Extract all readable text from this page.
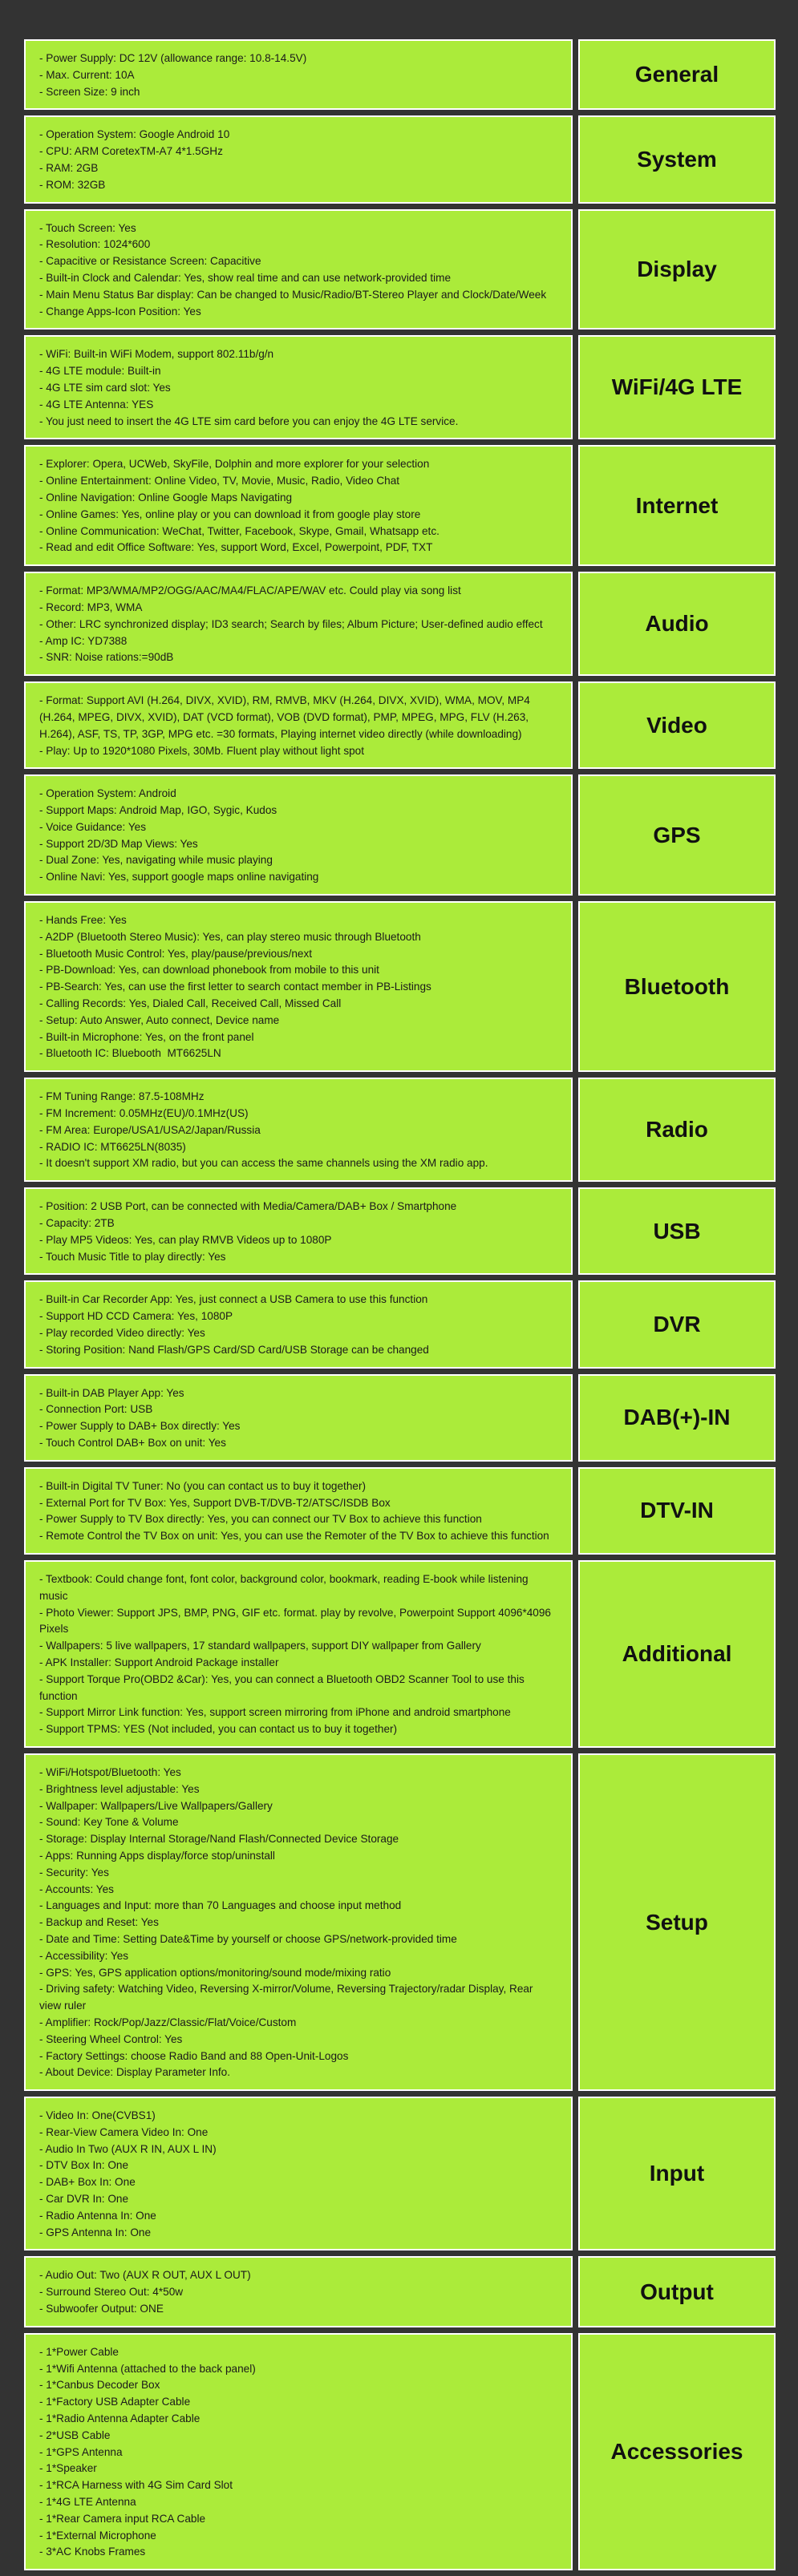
- Power Supply: DC 12V (allowance range: 10.8-14.5V)
- Max. Current: 10A
- Screen Size: 9 inch
General
- Operation System: Google Android 10
- CPU: ARM CoretexTM-A7 4*1.5GHz
- RAM: 2GB
- ROM: 32GB
System
- Touch Screen: Yes
- Resolution: 1024*600
- Capacitive or Resistance Screen: Capacitive
- Built-in Clock and Calendar: Yes, show real time and can use network-provided time
- Main Menu Status Bar display: Can be changed to Music/Radio/BT-Stereo Player and Clock/Date/Week
- Change Apps-Icon Position: Yes
Display
- WiFi: Built-in WiFi Modem, support 802.11b/g/n
- 4G LTE module: Built-in
- 4G LTE sim card slot: Yes
- 4G LTE Antenna: YES
- You just need to insert the 4G LTE sim card before you can enjoy the 4G LTE service.
WiFi/4G LTE
- Explorer: Opera, UCWeb, SkyFile, Dolphin and more explorer for your selection
- Online Entertainment: Online Video, TV, Movie, Music, Radio, Video Chat
- Online Navigation: Online Google Maps Navigating
- Online Games: Yes, online play or you can download it from google play store
- Online Communication: WeChat, Twitter, Facebook, Skype, Gmail, Whatsapp etc.
- Read and edit Office Software: Yes, support Word, Excel, Powerpoint, PDF, TXT
Internet
- Format: MP3/WMA/MP2/OGG/AAC/MA4/FLAC/APE/WAV etc. Could play via song list
- Record: MP3, WMA
- Other: LRC synchronized display; ID3 search; Search by files; Album Picture; User-defined audio effect
- Amp IC: YD7388
- SNR: Noise rations:=90dB
Audio
- Format: Support AVI (H.264, DIVX, XVID), RM, RMVB, MKV (H.264, DIVX, XVID), WMA, MOV, MP4 (H.264, MPEG, DIVX, XVID), DAT (VCD format), VOB (DVD format), PMP, MPEG, MPG, FLV (H.263, H.264), ASF, TS, TP, 3GP, MPG etc. =30 formats, Playing internet video directly (while downloading)
- Play: Up to 1920*1080 Pixels, 30Mb. Fluent play without light spot
Video
- Operation System: Android
- Support Maps: Android Map, IGO, Sygic, Kudos
- Voice Guidance: Yes
- Support 2D/3D Map Views: Yes
- Dual Zone: Yes, navigating while music playing
- Online Navi: Yes, support google maps online navigating
GPS
- Hands Free: Yes
- A2DP (Bluetooth Stereo Music): Yes, can play stereo music through Bluetooth
- Bluetooth Music Control: Yes, play/pause/previous/next
- PB-Download: Yes, can download phonebook from mobile to this unit
- PB-Search: Yes, can use the first letter to search contact member in PB-Listings
- Calling Records: Yes, Dialed Call, Received Call, Missed Call
- Setup: Auto Answer, Auto connect, Device name
- Built-in Microphone: Yes, on the front panel
- Bluetooth IC: Bluebooth  MT6625LN
Bluetooth
- FM Tuning Range: 87.5-108MHz
- FM Increment: 0.05MHz(EU)/0.1MHz(US)
- FM Area: Europe/USA1/USA2/Japan/Russia
- RADIO IC: MT6625LN(8035)
- It doesn't support XM radio, but you can access the same channels using the XM radio app.
Radio
- Position: 2 USB Port, can be connected with Media/Camera/DAB+ Box / Smartphone
- Capacity: 2TB
- Play MP5 Videos: Yes, can play RMVB Videos up to 1080P
- Touch Music Title to play directly: Yes
USB
- Built-in Car Recorder App: Yes, just connect a USB Camera to use this function
- Support HD CCD Camera: Yes, 1080P
- Play recorded Video directly: Yes
- Storing Position: Nand Flash/GPS Card/SD Card/USB Storage can be changed
DVR
- Built-in DAB Player App: Yes
- Connection Port: USB
- Power Supply to DAB+ Box directly: Yes
- Touch Control DAB+ Box on unit: Yes
DAB(+)-IN
- Built-in Digital TV Tuner: No (you can contact us to buy it together)
- External Port for TV Box: Yes, Support DVB-T/DVB-T2/ATSC/ISDB Box
- Power Supply to TV Box directly: Yes, you can connect our TV Box to achieve this function
- Remote Control the TV Box on unit: Yes, you can use the Remoter of the TV Box to achieve this function
DTV-IN
- Textbook: Could change font, font color, background color, bookmark, reading E-book while listening music
- Photo Viewer: Support JPS, BMP, PNG, GIF etc. format. play by revolve, Powerpoint Support 4096*4096 Pixels
- Wallpapers: 5 live wallpapers, 17 standard wallpapers, support DIY wallpaper from Gallery
- APK Installer: Support Android Package installer
- Support Torque Pro(OBD2 &Car): Yes, you can connect a Bluetooth OBD2 Scanner Tool to use this function
- Support Mirror Link function: Yes, support screen mirroring from iPhone and android smartphone
- Support TPMS: YES (Not included, you can contact us to buy it together)
Additional
- WiFi/Hotspot/Bluetooth: Yes
- Brightness level adjustable: Yes
- Wallpaper: Wallpapers/Live Wallpapers/Gallery
- Sound: Key Tone & Volume
- Storage: Display Internal Storage/Nand Flash/Connected Device Storage
- Apps: Running Apps display/force stop/uninstall
- Security: Yes
- Accounts: Yes
- Languages and Input: more than 70 Languages and choose input method
- Backup and Reset: Yes
- Date and Time: Setting Date&Time by yourself or choose GPS/network-provided time
- Accessibility: Yes
- GPS: Yes, GPS application options/monitoring/sound mode/mixing ratio
- Driving safety: Watching Video, Reversing X-mirror/Volume, Reversing Trajectory/radar Display, Rear view ruler
- Amplifier: Rock/Pop/Jazz/Classic/Flat/Voice/Custom
- Steering Wheel Control: Yes
- Factory Settings: choose Radio Band and 88 Open-Unit-Logos
- About Device: Display Parameter Info.
Setup
- Video In: One(CVBS1)
- Rear-View Camera Video In: One
- Audio In Two (AUX R IN, AUX L IN)
- DTV Box In: One
- DAB+ Box In: One
- Car DVR In: One
- Radio Antenna In: One
- GPS Antenna In: One
Input
- Audio Out: Two (AUX R OUT, AUX L OUT)
- Surround Stereo Out: 4*50w
- Subwoofer Output: ONE
Output
- 1*Power Cable
- 1*Wifi Antenna (attached to the back panel)
- 1*Canbus Decoder Box
- 1*Factory USB Adapter Cable
- 1*Radio Antenna Adapter Cable
- 2*USB Cable
- 1*GPS Antenna
- 1*Speaker
- 1*RCA Harness with 4G Sim Card Slot
- 1*4G LTE Antenna
- 1*Rear Camera input RCA Cable
- 1*External Microphone
- 3*AC Knobs Frames
Accessories
